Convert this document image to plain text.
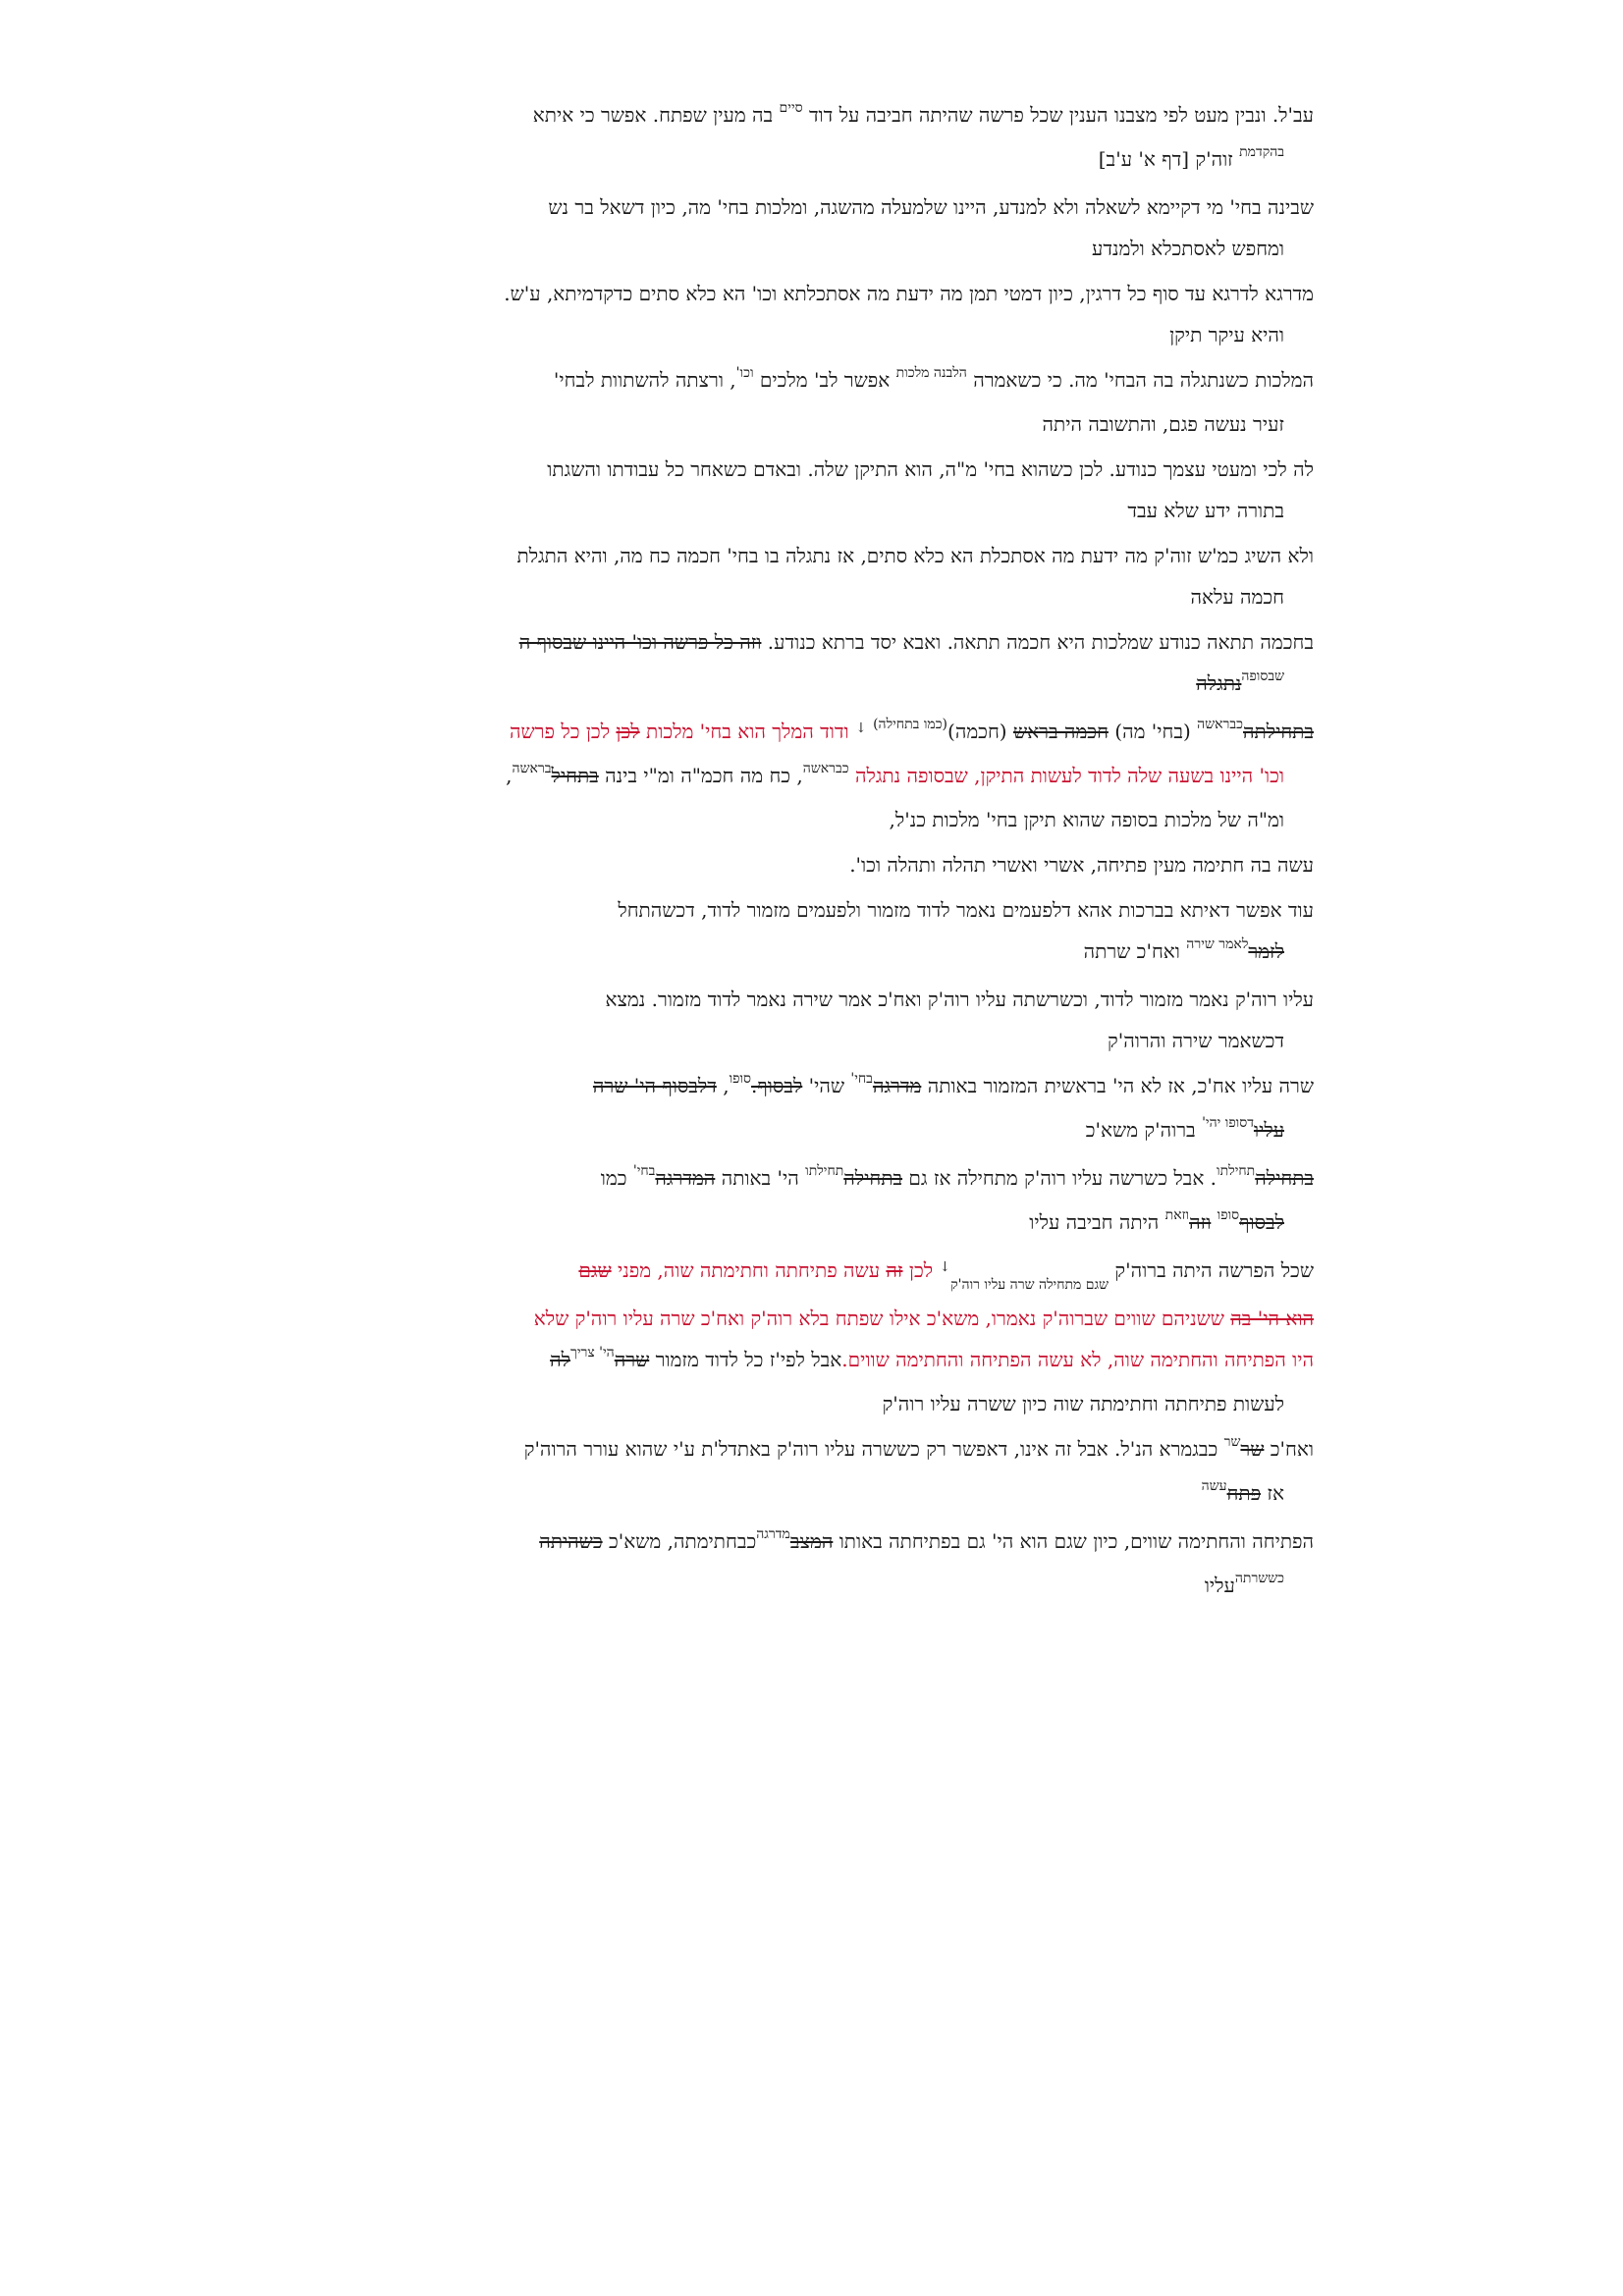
עב'ל. ונבין מעט לפי מצבנו הענין שכל פרשה שהיתה חביבה על דוד $^{סיים}$ בה מעין שפתח. אפשר כי איתא
$^{בהקדמת}$ זוה'ק [דף א' ע'ב]
שבינה בחי' מי דקיימא לשאלה ולא למנדע, היינו שלמעלה מהשגה, ומלכות בחי' מה, כיון דשאל בר נש
ומחפש לאסתכלא ולמנדע
מדרגא לדרגא עד סוף כל דרגין, כיון דמטי תמן מה ידעת מה אסתכלתא וכו' הא כלא סתים כדקדמיתא, ע'ש.
והיא עיקר תיקן
המלכות כשנתגלה בה הבחי' מה. כי כשאמרה $^{הלבנה מלכות}$ אפשר לב' מלכים $^{וכו'}$, ורצתה להשתוות לבחי'
זעיר נעשה פגם, והתשובה היתה
לה לכי ומעטי עצמך כנודע. לכן כשהוא בחי' מ"ה, הוא התיקן שלה. ובאדם כשאחר כל עבודתו והשגתו
בתורה ידע שלא עבד
ולא השיג כמ'ש זוה'ק מה ידעת מה אסתכלת הא כלא סתים, אז נתגלה בו בחי' חכמה כח מה, והיא התגלת
חכמה עלאה
בחכמה תתאה כנודע שמלכות היא חכמה תתאה. ואבא יסד ברתא כנודע. וזה כל פרשה וכו' היינו שבסוף ה
$^{שבסופה}$נתגלה
בתחילתה$^{כבראשה}$ (בחי' מה) חכמה בראש (חכמה)$^{(כמו בתחילה)}$ ↓ ודוד המלך הוא בחי' מלכות לכן לכן כל פרשה
וכו' היינו בשעה שלה לדוד לעשות התיקן, שבסופה נתגלה $^{כבראשה}$, כח מה חכמ"ה ומ"י בינה בתחיל$^{בראשה}$,
ומ"ה של מלכות בסופה שהוא תיקן בחי' מלכות כנ'ל,
עשה בה חתימה מעין פתיחה, אשרי ואשרי תהלה ותהלה וכו'.
עוד אפשר דאיתא בברכות אהא דלפעמים נאמר לדוד מזמור ולפעמים מזמור לדוד, דכשהתחל
לזמר$^{לאמר שירה}$ ואח'כ שרתה
עליו רוה'ק נאמר מזמור לדוד, וכשרשתה עליו רוה'ק ואח'כ אמר שירה נאמר לדוד מזמור. נמצא
דכשאמר שירה והרוה'ק
שרה עליו אח'כ, אז לא הי' בראשית המזמור באותה מדרגה$^{בחי'}$ שהי' לבסוף.$^{סופו}$, דלבסוף הי' שרה
עליו$^{דסופו יהי'}$ ברוה'ק משא'כ
בתחילה$^{תחילתו}$. אבל כשרשה עליו רוה'ק מתחילה אז גם בתחילה$^{תחילתו}$ הי' באותה המדרגה$^{בחי'}$ כמו
לבסוף$^{סופו}$ וזה$^{וזאת}$ היתה חביבה עליו
שכל הפרשה היתה ברוה'ק $_{שגם מתחילה שרה עליו רוה'ק}$↓ לכן זה עשה פתיחתה וחתימתה שוה, מפני שגם
הוא הי' בה ששניהם שווים שברוה'ק נאמרו, משא'כ אילו שפתח בלא רוה'ק ואח'כ שרה עליו רוה'ק שלא
היו הפתיחה והחתימה שוה, לא עשה הפתיחה והחתימה שווים.אבל לפי'ז כל לדוד מזמור שרה$^{הי' צריך}$לה
לעשות פתיחתה וחתימתה שוה כיון ששרה עליו רוה'ק
ואח'כ שר$^{שר}$ כבגמרא הנ'ל. אבל זה אינו, דאפשר רק כששרה עליו רוה'ק באתדל'ת ע'י שהוא עורר הרוה'ק
אז פתח$^{עשה}$
הפתיחה והחתימה שווים, כיון שגם הוא הי' גם בפתיחתה באותו המצב$^{מדרגה}$כבחתימתה, משא'כ כשהיתה
$^{כששרתה}$עליו
